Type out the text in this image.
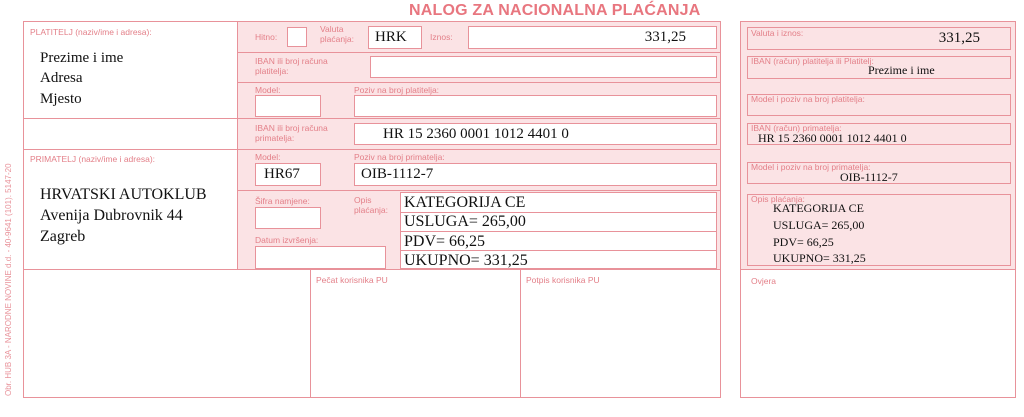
NALOG ZA NACIONALNA PLAĆANJA
Obr. HUB 3A - NARODNE NOVINE d.d. - 40-9641 (101). 5147-20
PLATITELJ (naziv/ime i adresa):
Prezime i ime
Adresa
Mjesto
Hitno:
Valuta
plaćanja: HRK	Iznos:	331,25
IBAN ili broj računa
platitelja:
Model:	Poziv na broj platitelja:
IBAN ili broj računa
primatelja:	HR 15 2360 0001 1012 4401 0
PRIMATELJ (naziv/ime i adresa):
HRVATSKI AUTOKLUB
Avenija Dubrovnik 44
Zagreb
Model:
HR67
Poziv na broj primatelja:
OIB-1112-7
Šifra namjene:
Datum izvršenja:
Opis
plaćanja: KATEGORIJA CE
USLUGA= 265,00
PDV= 66,25
UKUPNO= 331,25
Pečat korisnika PU	Potpis korisnika PU
Valuta i iznos:	331,25
IBAN (račun) platitelja ili Platitelj:
Prezime i ime
Model i poziv na broj platitelja:
IBAN (račun) primatelja:
HR 15 2360 0001 1012 4401 0
Model i poziv na broj primatelja:
OIB-1112-7
Opis plaćanja:
KATEGORIJA CE
USLUGA= 265,00
PDV= 66,25
UKUPNO= 331,25
Ovjera
